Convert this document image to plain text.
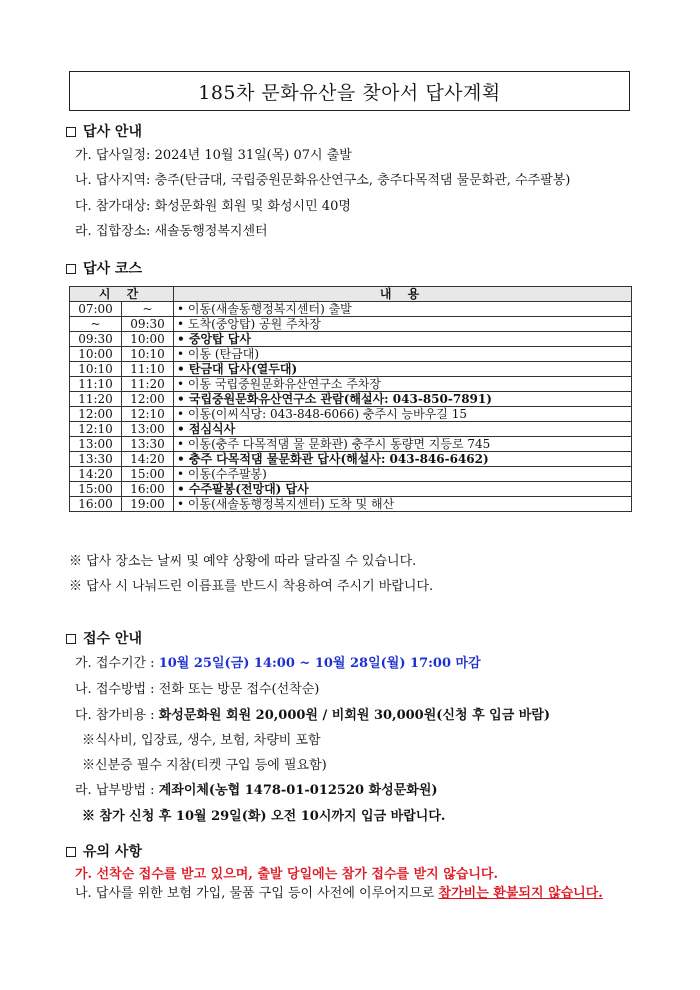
185차 문화유산을 찾아서 답사계획
답사 안내
가. 답사일정: 2024년 10월 31일(목) 07시 출발
나. 답사지역: 충주(탄금대, 국립중원문화유산연구소, 충주다목적댐 물문화관, 수주팔봉)
다. 참가대상: 화성문화원 회원 및 화성시민 40명
라. 집합장소: 새솔동행정복지센터
답사 코스
시 간		내 용
07:00	~	• 이동(새솔동행정복지센터) 출발
~	09:30	• 도착(중앙탑) 공원 주차장
09:30	10:00	• 중앙탑 답사
10:00	10:10	• 이동 (탄금대)
10:10	11:10	• 탄금대 답사(열두대)
11:10	11:20	• 이동 국립중원문화유산연구소 주차장
11:20	12:00	• 국립중원문화유산연구소 관람(해설사: 043-850-7891)
12:00	12:10	• 이동(이씨식당: 043-848-6066) 충주시 능바우길 15
12:10	13:00	• 점심식사
13:00	13:30	• 이동(충주 다목적댐 물 문화관) 충주시 동량면 지등로 745
13:30	14:20	• 충주 다목적댐 물문화관 답사(해설사: 043-846-6462)
14:20	15:00	• 이동(수주팔봉)
15:00	16:00	• 수주팔봉(전망대) 답사
16:00	19:00	• 이동(새솔동행정복지센터) 도착 및 해산
※ 답사 장소는 날씨 및 예약 상황에 따라 달라질 수 있습니다.
※ 답사 시 나눠드린 이름표를 반드시 착용하여 주시기 바랍니다.
접수 안내
가. 접수기간 : 10월 25일(금) 14:00 ~ 10월 28일(월) 17:00 마감
나. 접수방법 : 전화 또는 방문 접수(선착순)
다. 참가비용 : 화성문화원 회원 20,000원 / 비회원 30,000원(신청 후 입금 바람)
※식사비, 입장료, 생수, 보험, 차량비 포함
※신분증 필수 지참(티켓 구입 등에 필요함)
라. 납부방법 : 계좌이체(농협 1478-01-012520 화성문화원)
※ 참가 신청 후 10월 29일(화) 오전 10시까지 입금 바랍니다.
유의 사항
가. 선착순 접수를 받고 있으며, 출발 당일에는 참가 접수를 받지 않습니다.
나. 답사를 위한 보험 가입, 물품 구입 등이 사전에 이루어지므로 참가비는 환불되지 않습니다.
